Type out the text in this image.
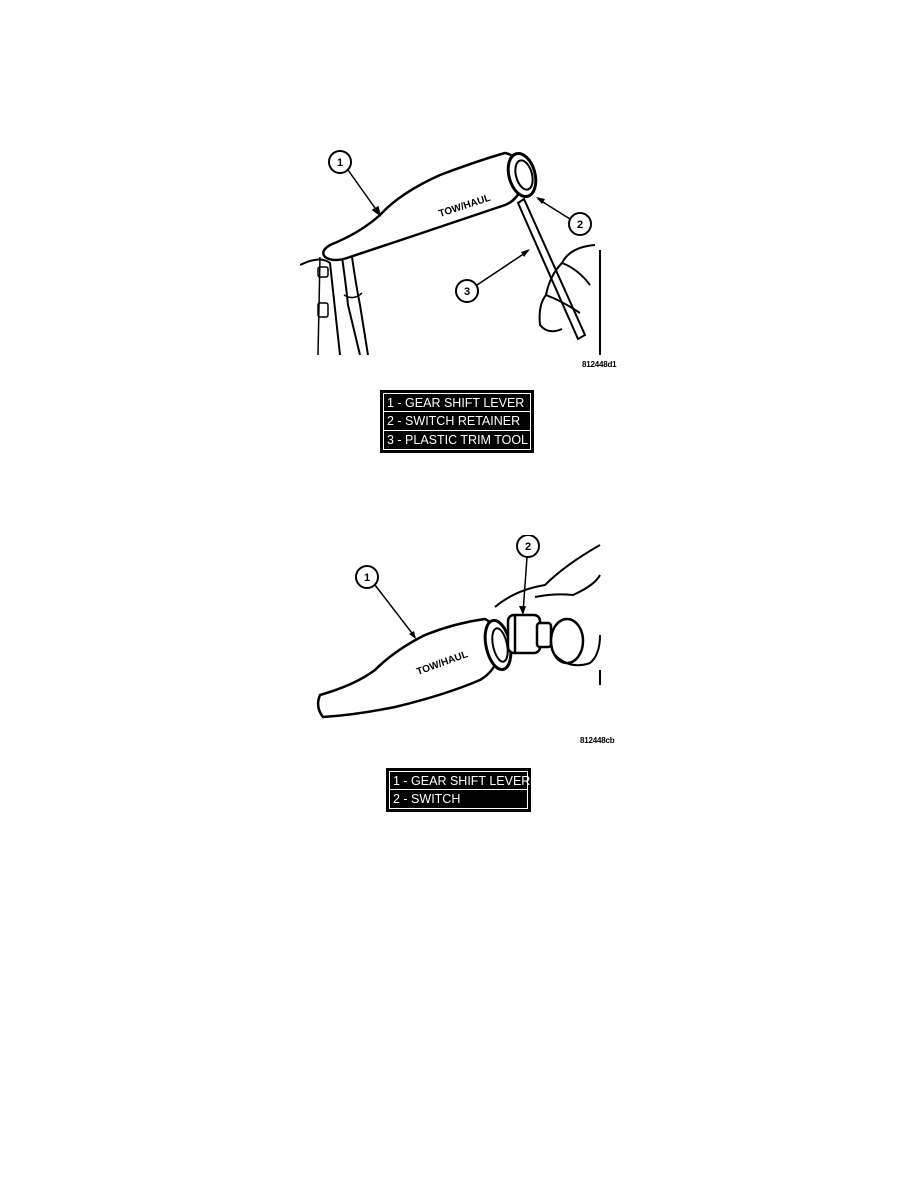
TOW/HAUL
1
2
3
812448d1
1 - GEAR SHIFT LEVER
2 - SWITCH RETAINER
3 - PLASTIC TRIM TOOL
TOW/HAUL
1
2
812448cb
1 - GEAR SHIFT LEVER
2 - SWITCH
